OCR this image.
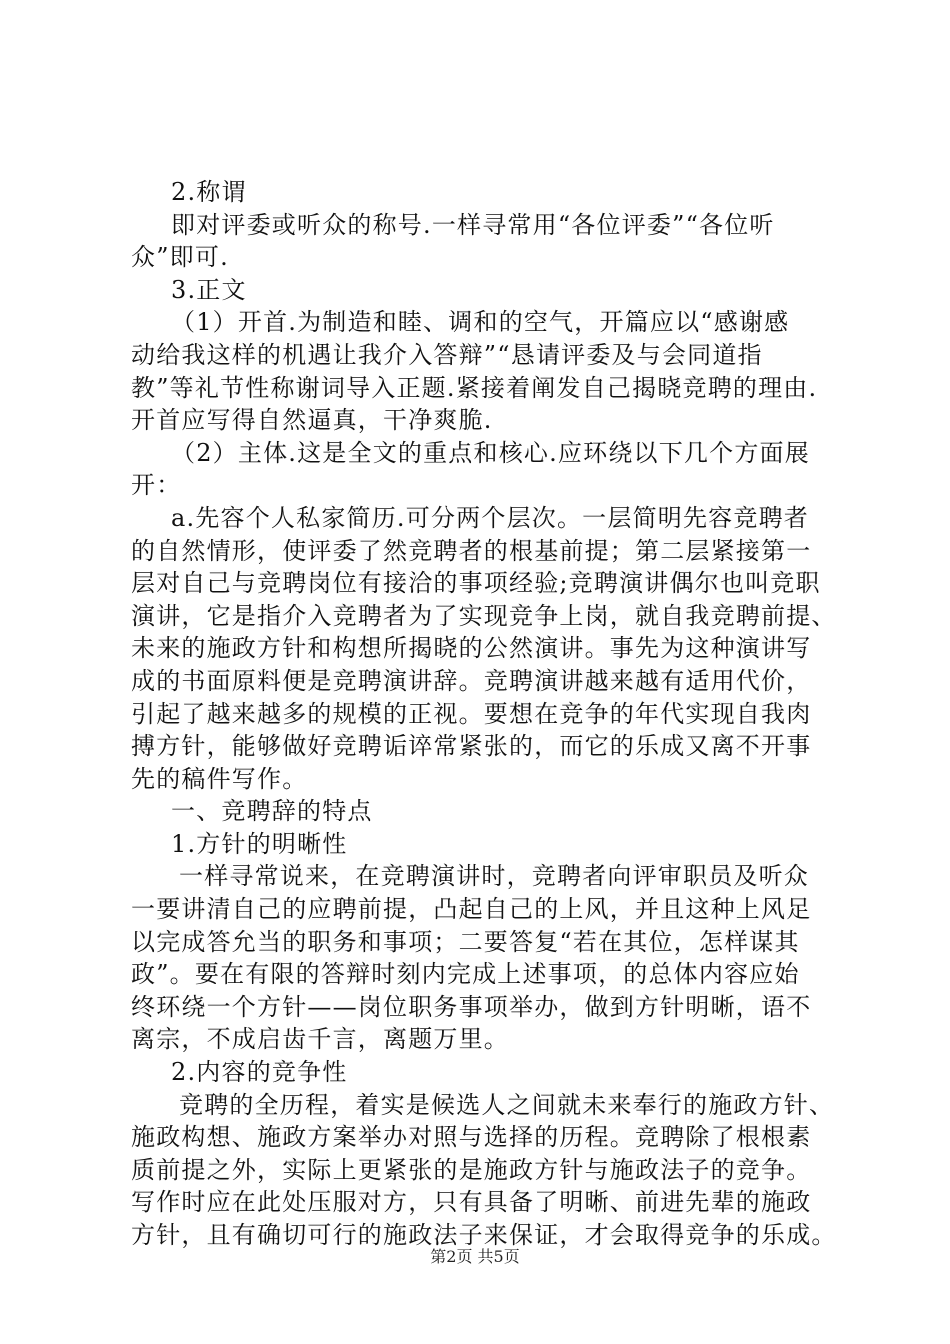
2.称谓
即对评委或听众的称号.一样寻常用“各位评委”“各位听
众”即可.
3.正文
（1）开首.为制造和睦、调和的空气，开篇应以“感谢感
动给我这样的机遇让我介入答辩”“恳请评委及与会同道指
教”等礼节性称谢词导入正题.紧接着阐发自己揭晓竞聘的理由.
开首应写得自然逼真，干净爽脆.
（2）主体.这是全文的重点和核心.应环绕以下几个方面展
开：
a.先容个人私家简历.可分两个层次。一层简明先容竞聘者
的自然情形，使评委了然竞聘者的根基前提；第二层紧接第一
层对自己与竞聘岗位有接洽的事项经验;竞聘演讲偶尔也叫竞职
演讲，它是指介入竞聘者为了实现竞争上岗，就自我竞聘前提、
未来的施政方针和构想所揭晓的公然演讲。事先为这种演讲写
成的书面原料便是竞聘演讲辞。竞聘演讲越来越有适用代价，
引起了越来越多的规模的正视。要想在竞争的年代实现自我肉
搏方针，能够做好竞聘诟谇常紧张的，而它的乐成又离不开事
先的稿件写作。
一、竞聘辞的特点
1.方针的明晰性
一样寻常说来，在竞聘演讲时，竞聘者向评审职员及听众
一要讲清自己的应聘前提，凸起自己的上风，并且这种上风足
以完成答允当的职务和事项；二要答复“若在其位，怎样谋其
政”。要在有限的答辩时刻内完成上述事项，的总体内容应始
终环绕一个方针——岗位职务事项举办，做到方针明晰，语不
离宗，不成启齿千言，离题万里。
2.内容的竞争性
竞聘的全历程，着实是候选人之间就未来奉行的施政方针、
施政构想、施政方案举办对照与选择的历程。竞聘除了根根素
质前提之外，实际上更紧张的是施政方针与施政法子的竞争。
写作时应在此处压服对方，只有具备了明晰、前进先辈的施政
方针，且有确切可行的施政法子来保证，才会取得竞争的乐成。
第2页 共5页
